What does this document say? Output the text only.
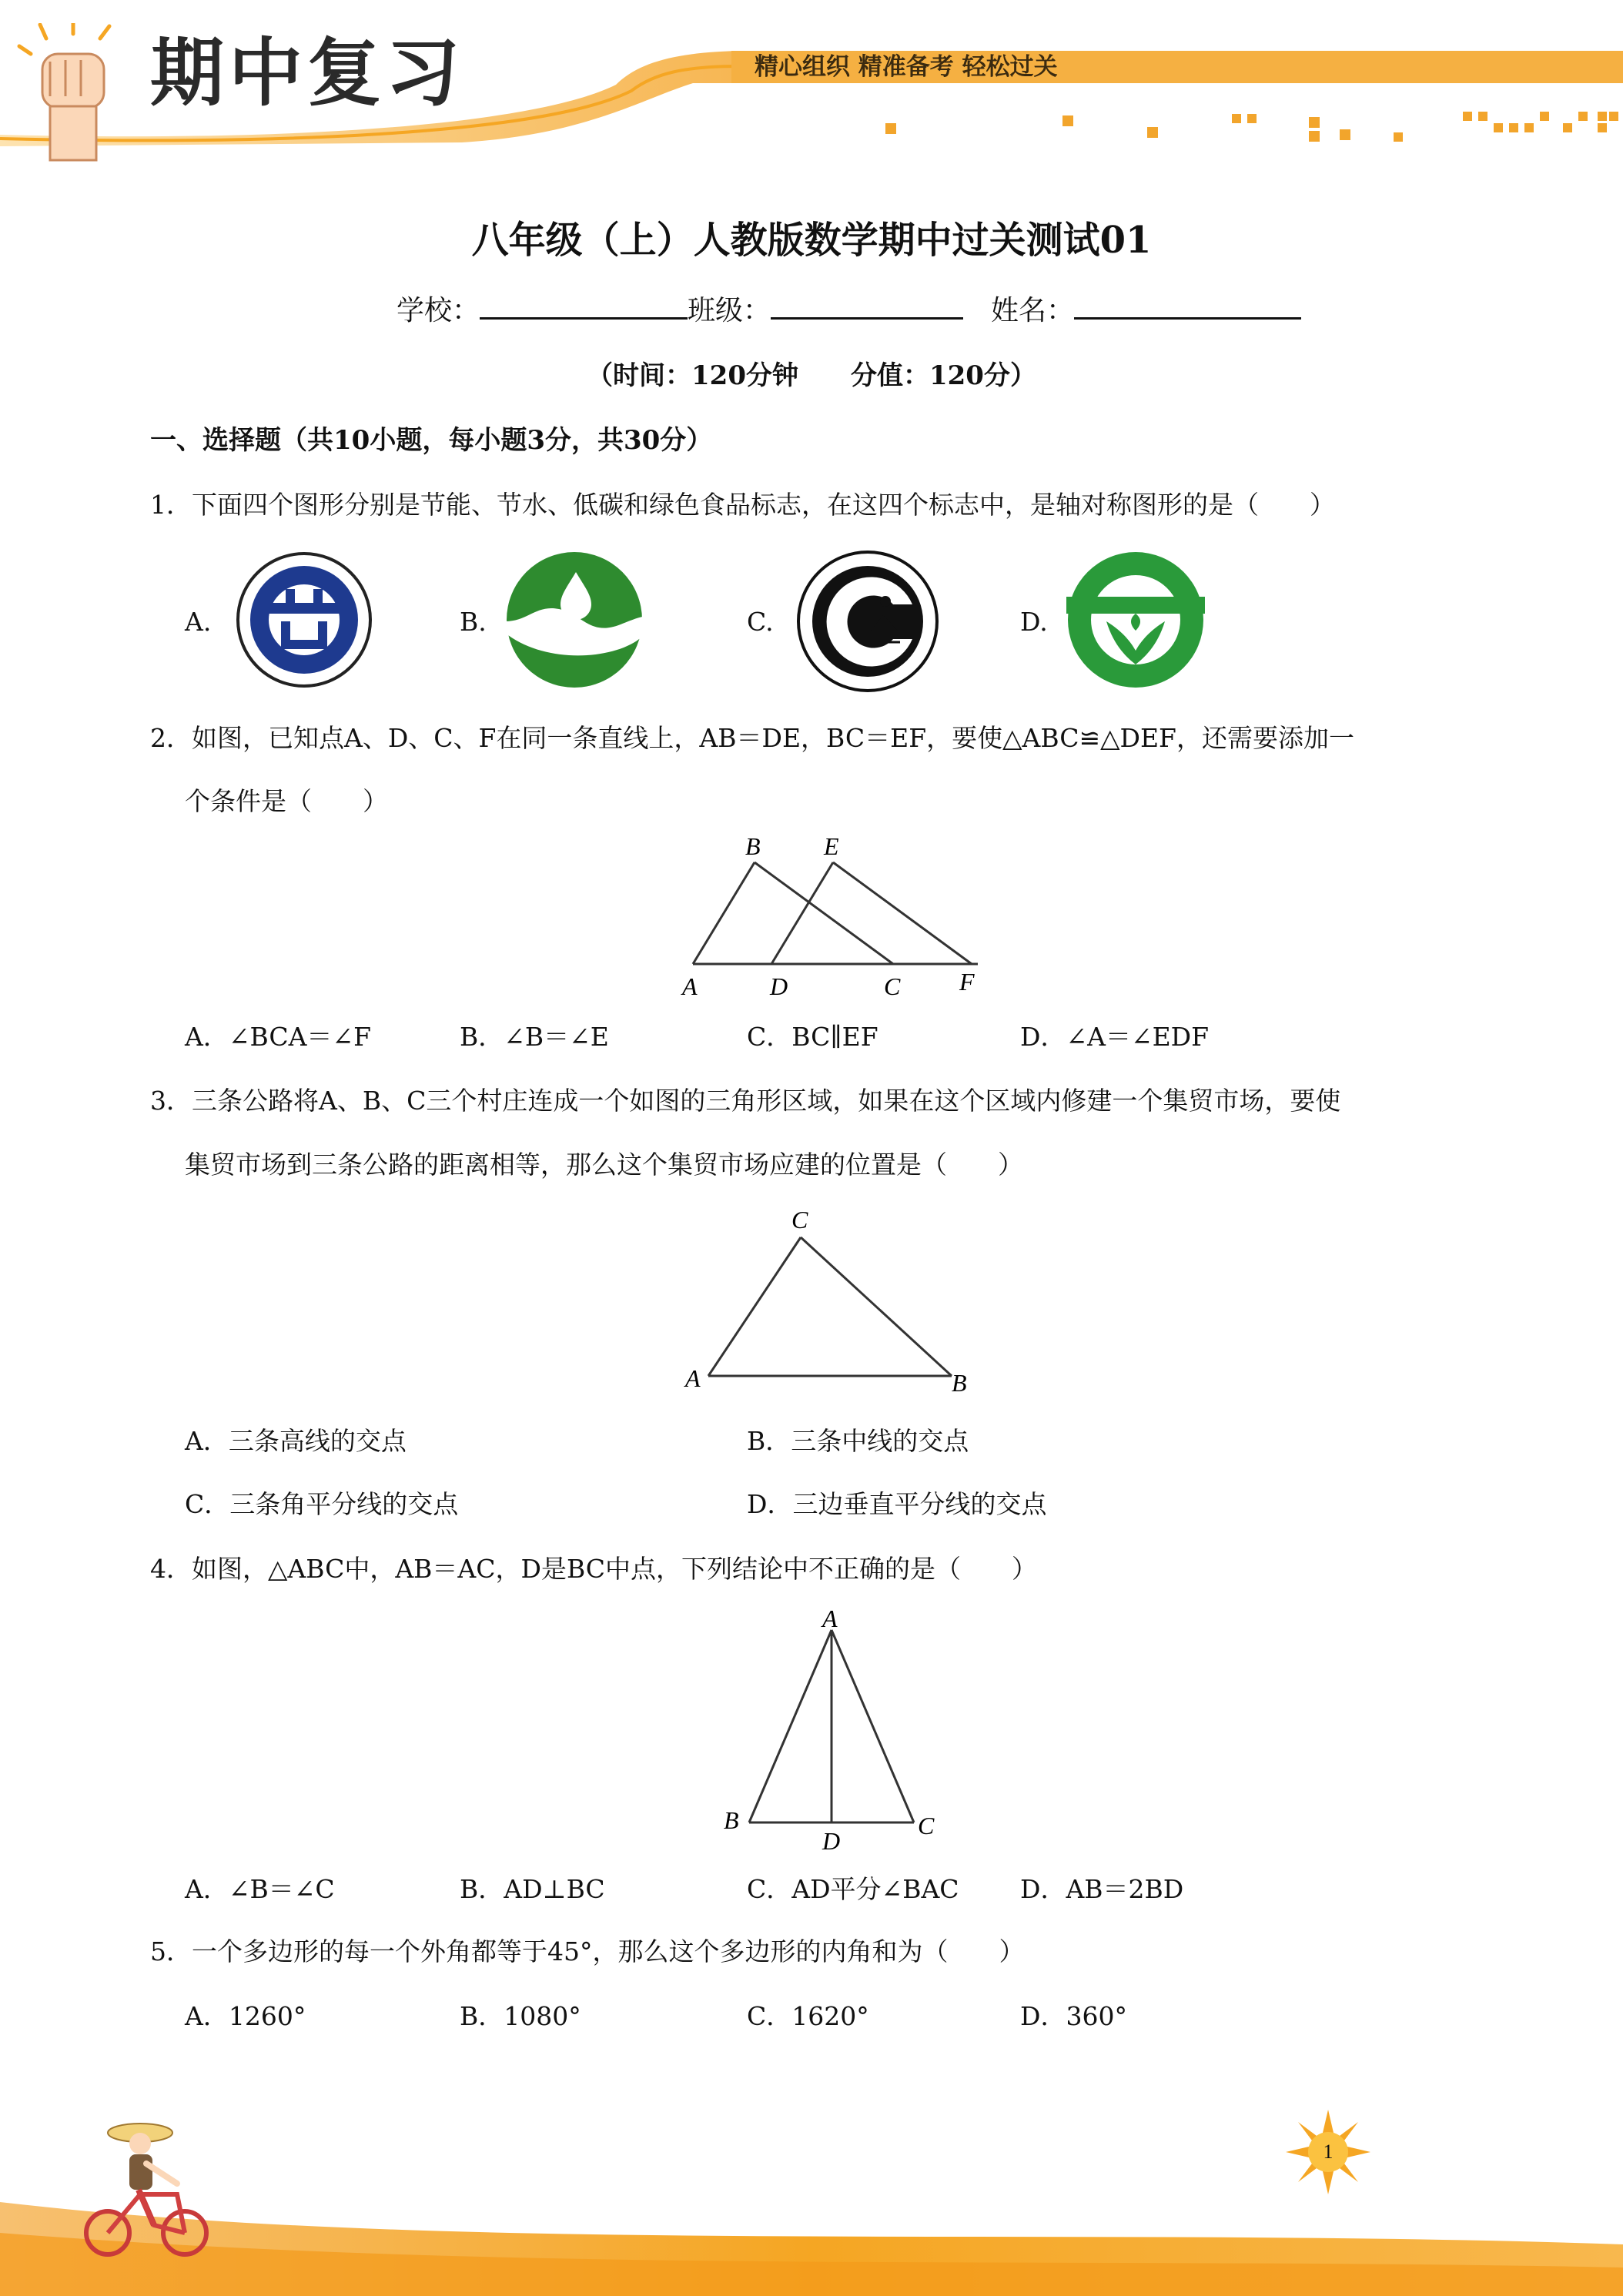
期中复习	精心组织 精准备考 轻松过关
八年级（上）人教版数学期中过关测试01
学校：	班级：　	姓名：
（时间：120分钟　　分值：120分）
一、选择题（共10小题，每小题3分，共30分）
1．下面四个图形分别是节能、节水、低碳和绿色食品标志，在这四个标志中，是轴对称图形的是（　　）
A.	B.	C.	D.
2．如图，已知点A、D、C、F在同一条直线上，AB＝DE，BC＝EF，要使△ABC≌△DEF，还需要添加一
个条件是（　　）
B	E
A	D	C F
A．∠BCA＝∠F	B．∠B＝∠E	C．BC∥EF	D．∠A＝∠EDF
3．三条公路将A、B、C三个村庄连成一个如图的三角形区域，如果在这个区域内修建一个集贸市场，要使
集贸市场到三条公路的距离相等，那么这个集贸市场应建的位置是（　　）
C
A	B
A．三条高线的交点	B．三条中线的交点
C．三条角平分线的交点	D．三边垂直平分线的交点
4．如图，△ABC中，AB＝AC，D是BC中点，下列结论中不正确的是（　　）
A
B
D
C
A．∠B＝∠C	B．AD⊥BC	C．AD平分∠BAC D．AB＝2BD
5．一个多边形的每一个外角都等于45°，那么这个多边形的内角和为（　　）
A．1260°	B．1080°	C．1620°	D．360°
1
